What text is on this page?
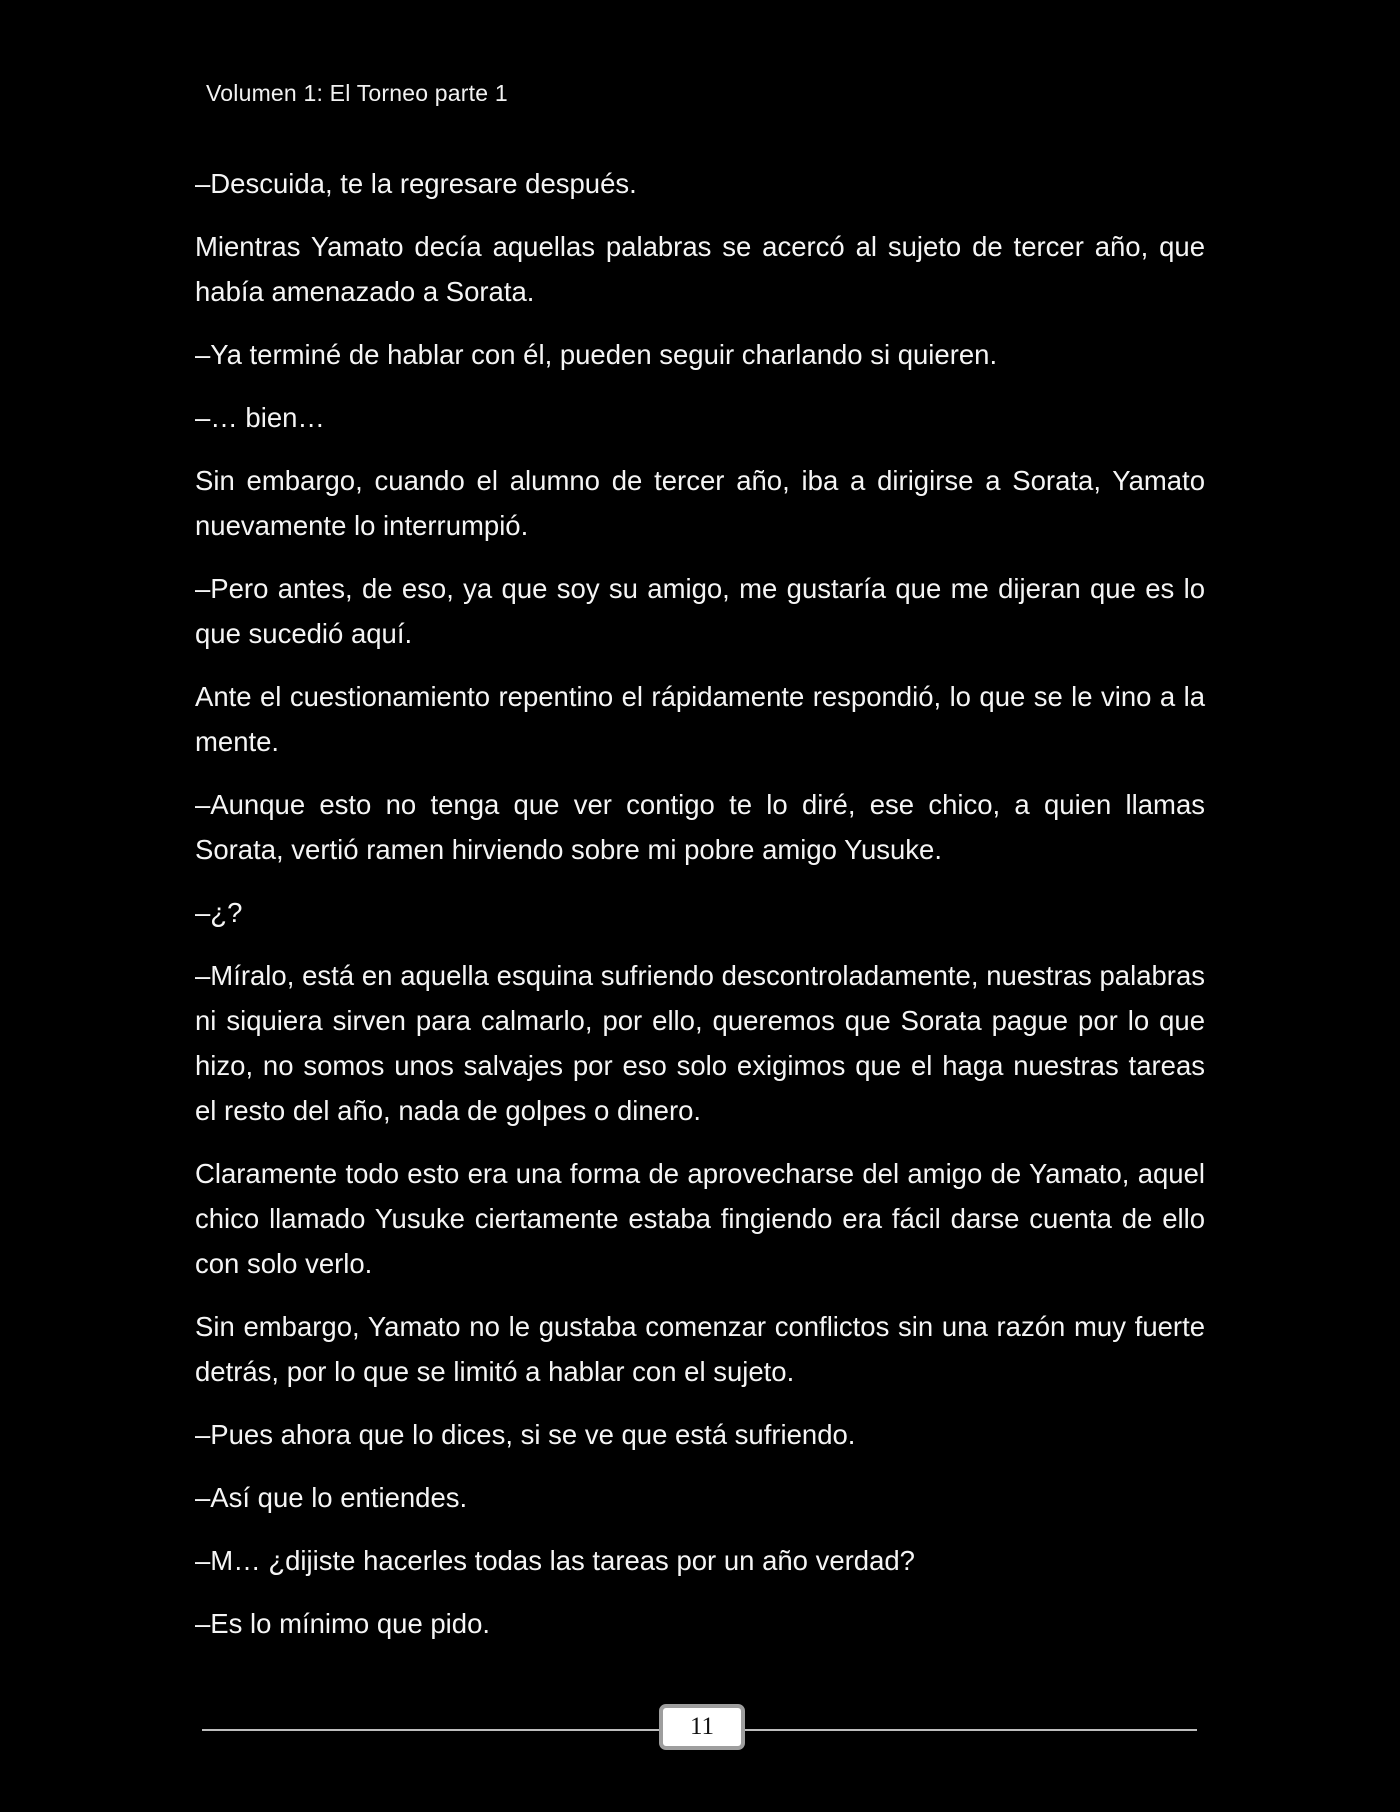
Volumen 1: El Torneo parte 1

–Descuida, te la regresare después.

Mientras Yamato decía aquellas palabras se acercó al sujeto de tercer año, que había amenazado a Sorata.

–Ya terminé de hablar con él, pueden seguir charlando si quieren.

–… bien…

Sin embargo, cuando el alumno de tercer año, iba a dirigirse a Sorata, Yamato nuevamente lo interrumpió.

–Pero antes, de eso, ya que soy su amigo, me gustaría que me dijeran que es lo que sucedió aquí.

Ante el cuestionamiento repentino el rápidamente respondió, lo que se le vino a la mente.

–Aunque esto no tenga que ver contigo te lo diré, ese chico, a quien llamas Sorata, vertió ramen hirviendo sobre mi pobre amigo Yusuke.

–¿?

–Míralo, está en aquella esquina sufriendo descontroladamente, nuestras palabras ni siquiera sirven para calmarlo, por ello, queremos que Sorata pague por lo que hizo, no somos unos salvajes por eso solo exigimos que el haga nuestras tareas el resto del año, nada de golpes o dinero.

Claramente todo esto era una forma de aprovecharse del amigo de Yamato, aquel chico llamado Yusuke ciertamente estaba fingiendo era fácil darse cuenta de ello con solo verlo.

Sin embargo, Yamato no le gustaba comenzar conflictos sin una razón muy fuerte detrás, por lo que se limitó a hablar con el sujeto.

–Pues ahora que lo dices, si se ve que está sufriendo.

–Así que lo entiendes.

–M… ¿dijiste hacerles todas las tareas por un año verdad?

–Es lo mínimo que pido.

11
